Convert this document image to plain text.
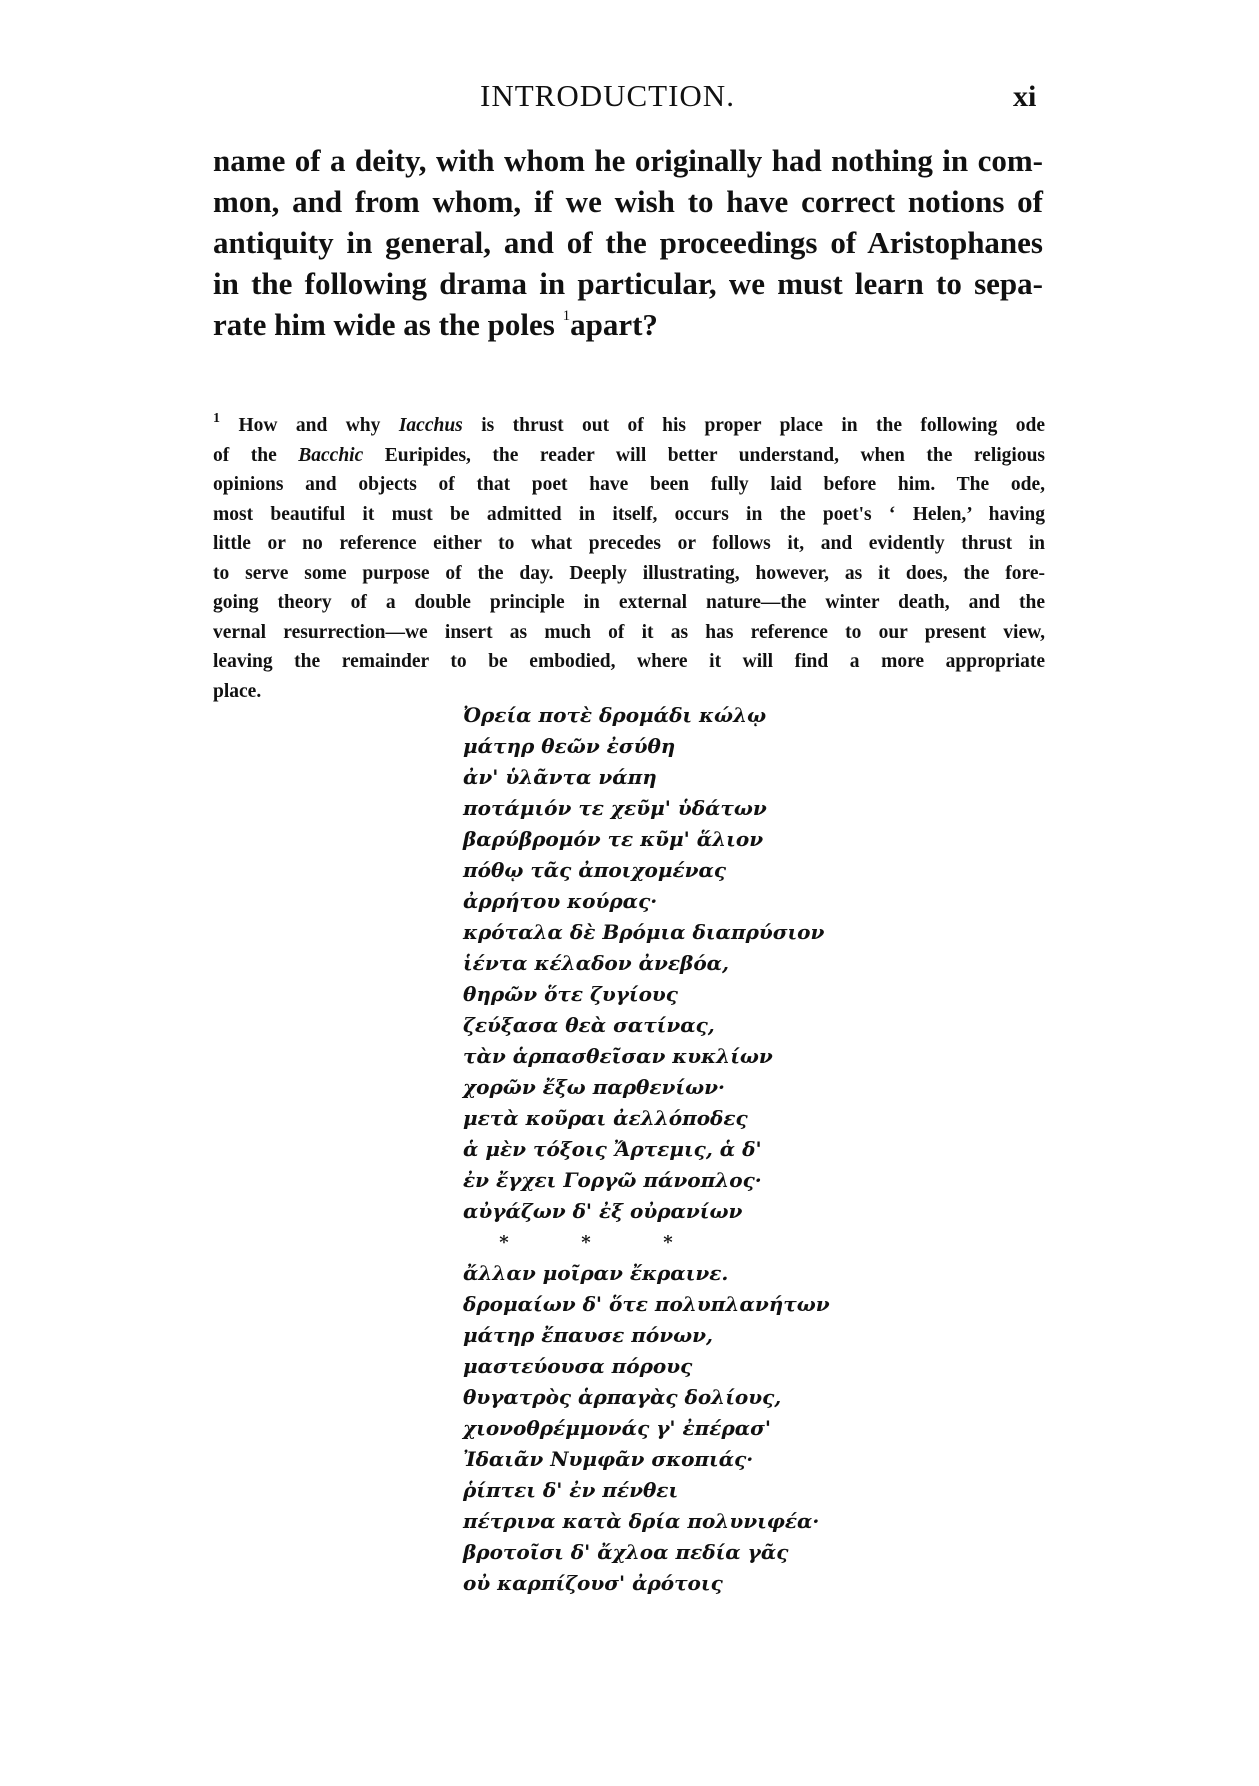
INTRODUCTION.	xi
name of a deity, with whom he originally had nothing in com-
mon, and from whom, if we wish to have correct notions of
antiquity in general, and of the proceedings of Aristophanes
in the following drama in particular, we must learn to sepa-
rate him wide as the poles $^1$apart?
$^1$ How and why Iacchus is thrust out of his proper place in the following ode
of the Bacchic Euripides, the reader will better understand, when the religious
opinions and objects of that poet have been fully laid before him. The ode,
most beautiful it must be admitted in itself, occurs in the poet's ‘ Helen,’ having
little or no reference either to what precedes or follows it, and evidently thrust in
to serve some purpose of the day. Deeply illustrating, however, as it does, the fore-
going theory of a double principle in external nature—the winter death, and the
vernal resurrection—we insert as much of it as has reference to our present view,
leaving the remainder to be embodied, where it will find a more appropriate
place.
Ὀρεία ποτὲ δρομάδι κώλῳ
μάτηρ θεῶν ἐσύθη
ἀν' ὑλᾶντα νάπη
ποτάμιόν τε χεῦμ' ὑδάτων
βαρύβρομόν τε κῦμ' ἅλιον
πόθῳ τᾶς ἀποιχομένας
ἀρρήτου κούρας·
κρόταλα δὲ Βρόμια διαπρύσιον
ἱέντα κέλαδον ἀνεβόα,
θηρῶν ὅτε ζυγίους
ζεύξασα θεὰ σατίνας,
τὰν ἁρπασθεῖσαν κυκλίων
χορῶν ἔξω παρθενίων·
μετὰ κοῦραι ἀελλόποδες
ἁ μὲν τόξοις Ἄρτεμις, ἁ δ'
ἐν ἔγχει Γοργῶ πάνοπλος·
αὐγάζων δ' ἐξ οὐρανίων
*	*	*
ἄλλαν μοῖραν ἔκραινε.
δρομαίων δ' ὅτε πολυπλανήτων
μάτηρ ἔπαυσε πόνων,
μαστεύουσα πόρους
θυγατρὸς ἁρπαγὰς δολίους,
χιονοθρέμμονάς γ' ἐπέρασ'
Ἰδαιᾶν Νυμφᾶν σκοπιάς·
ῥίπτει δ' ἐν πένθει
πέτρινα κατὰ δρία πολυνιφέα·
βροτοῖσι δ' ἄχλοα πεδία γᾶς
οὐ καρπίζουσ' ἀρότοις
